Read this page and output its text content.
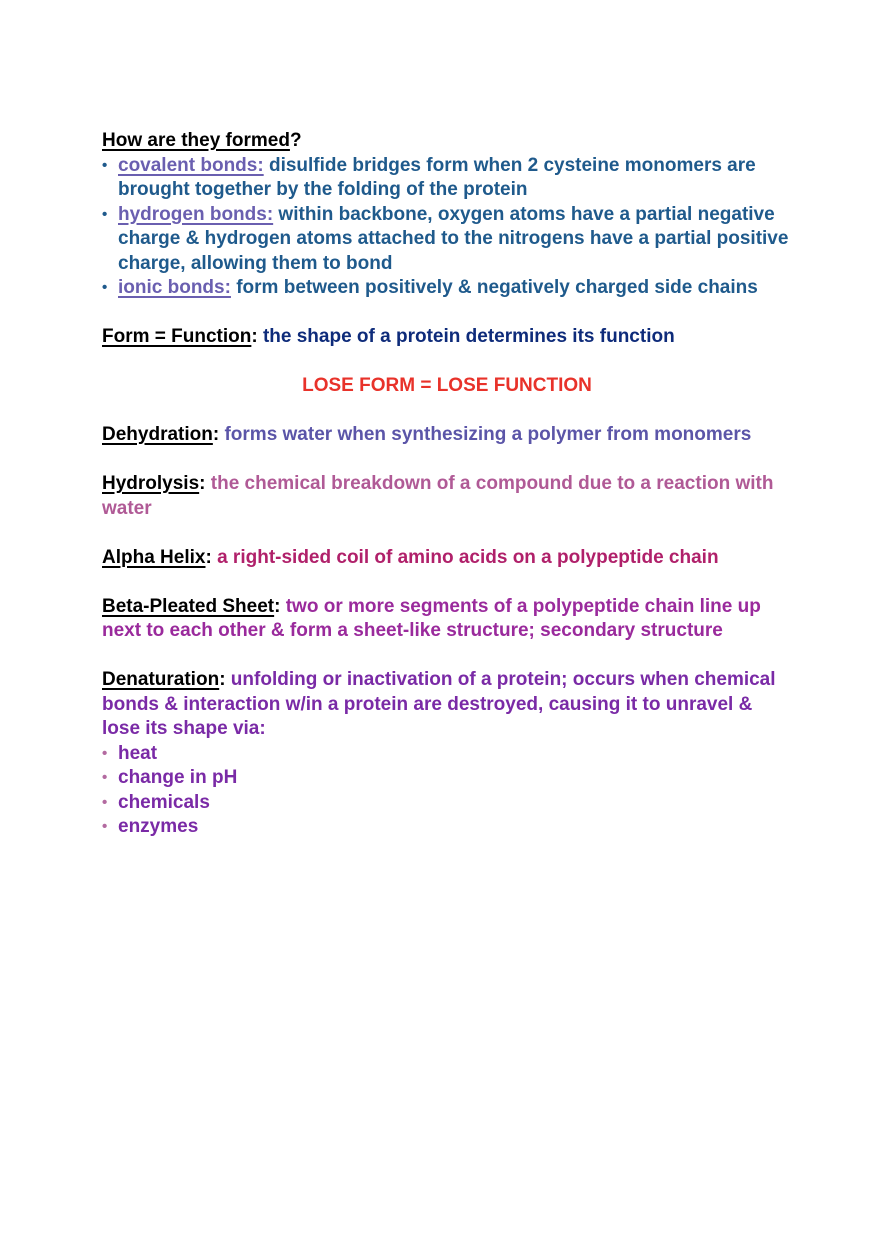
How are they formed?

• covalent bonds: disulfide bridges form when 2 cysteine monomers are brought together by the folding of the protein
• hydrogen bonds: within backbone, oxygen atoms have a partial negative charge & hydrogen atoms attached to the nitrogens have a partial positive charge, allowing them to bond
• ionic bonds: form between positively & negatively charged side chains

Form = Function: the shape of a protein determines its function

LOSE FORM = LOSE FUNCTION

Dehydration: forms water when synthesizing a polymer from monomers

Hydrolysis: the chemical breakdown of a compound due to a reaction with water

Alpha Helix: a right-sided coil of amino acids on a polypeptide chain

Beta-Pleated Sheet: two or more segments of a polypeptide chain line up next to each other & form a sheet-like structure; secondary structure

Denaturation: unfolding or inactivation of a protein; occurs when chemical bonds & interaction w/in a protein are destroyed, causing it to unravel & lose its shape via:

• heat
• change in pH
• chemicals
• enzymes
